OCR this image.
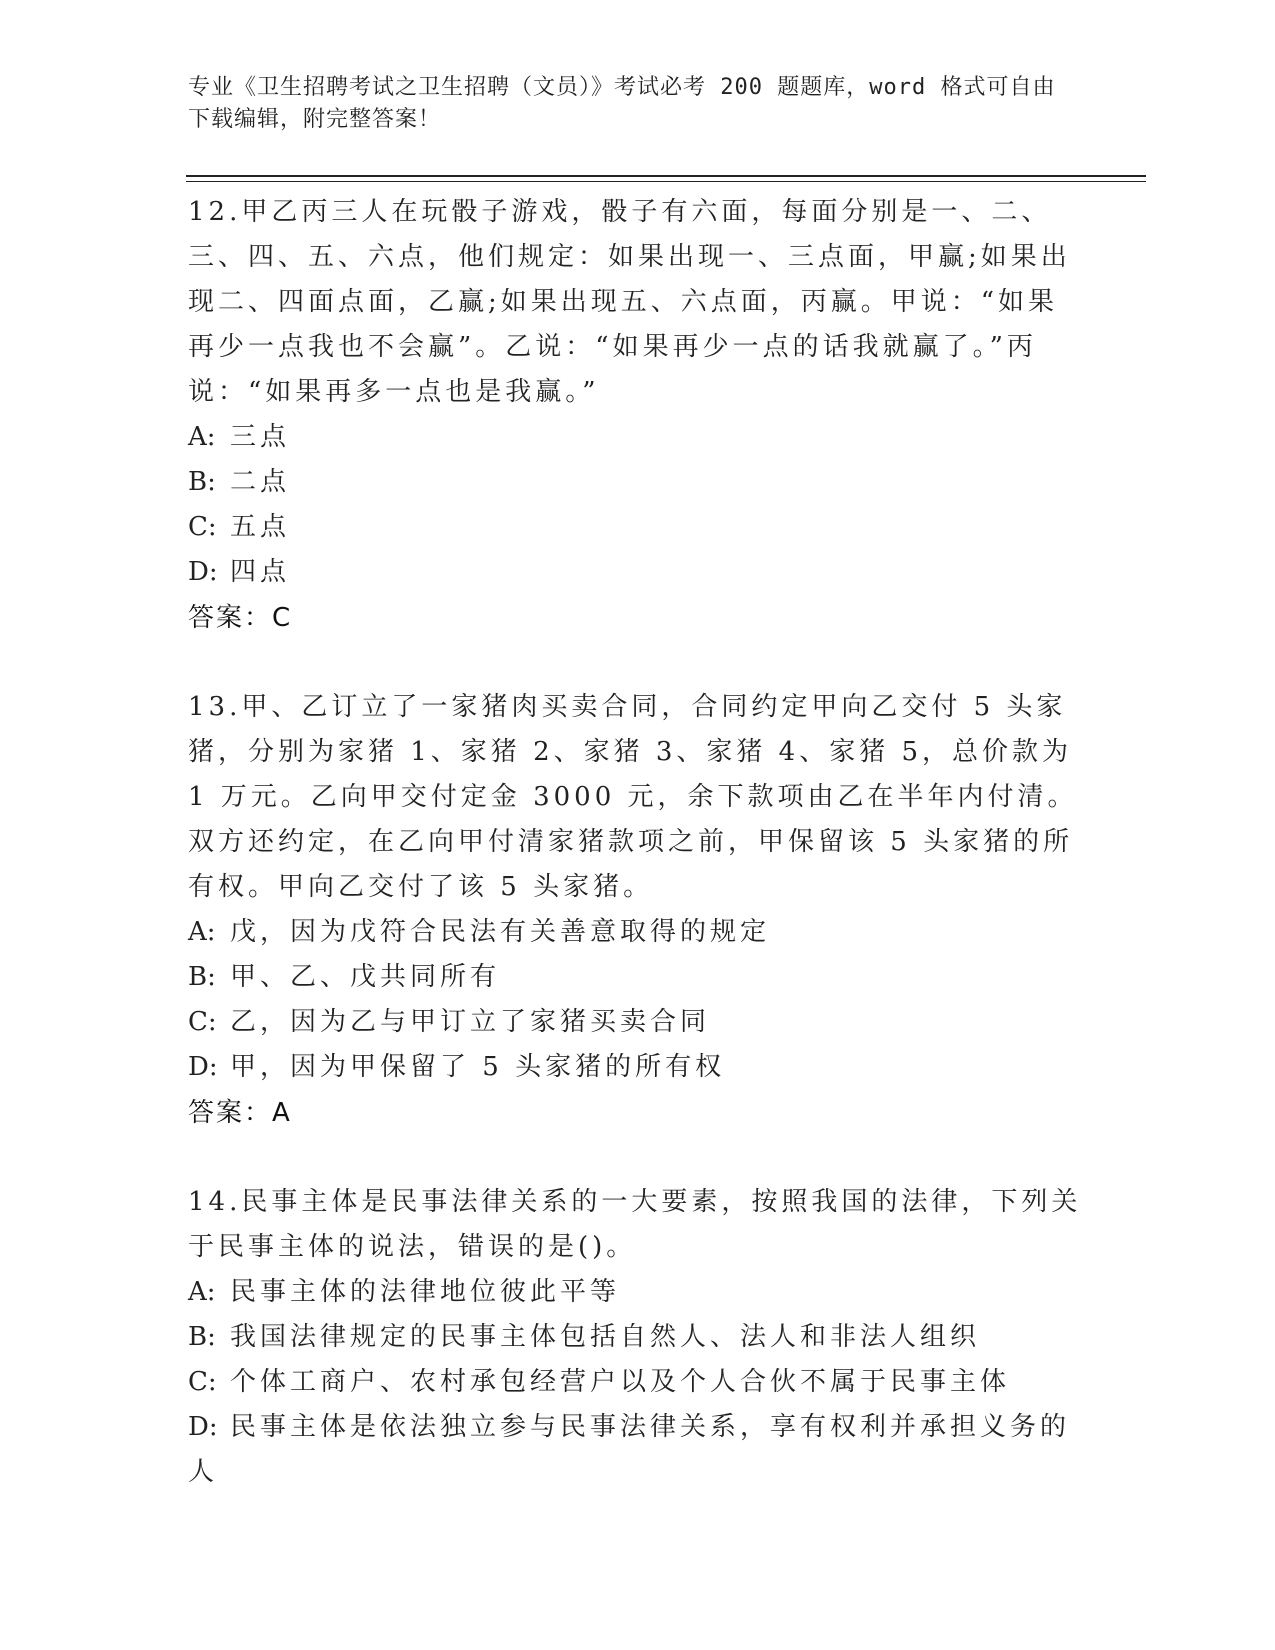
专业《卫生招聘考试之卫生招聘（文员）》考试必考 200 题题库，word 格式可自由下载编辑，附完整答案！

12.甲乙丙三人在玩骰子游戏，骰子有六面，每面分别是一、二、三、四、五、六点，他们规定：如果出现一、三点面，甲赢;如果出现二、四面点面，乙赢;如果出现五、六点面，丙赢。甲说：“如果再少一点我也不会赢”。乙说：“如果再少一点的话我就赢了。”丙说：“如果再多一点也是我赢。”

A: 三点

B: 二点

C: 五点

D: 四点

答案：C

13.甲、乙订立了一家猪肉买卖合同，合同约定甲向乙交付 5 头家猪，分别为家猪 1、家猪 2、家猪 3、家猪 4、家猪 5，总价款为 1 万元。乙向甲交付定金 3000 元，余下款项由乙在半年内付清。双方还约定，在乙向甲付清家猪款项之前，甲保留该 5 头家猪的所有权。甲向乙交付了该 5 头家猪。

A: 戊，因为戊符合民法有关善意取得的规定

B: 甲、乙、戊共同所有

C: 乙，因为乙与甲订立了家猪买卖合同

D: 甲，因为甲保留了 5 头家猪的所有权

答案：A

14.民事主体是民事法律关系的一大要素，按照我国的法律，下列关于民事主体的说法，错误的是()。

A: 民事主体的法律地位彼此平等

B: 我国法律规定的民事主体包括自然人、法人和非法人组织

C: 个体工商户、农村承包经营户以及个人合伙不属于民事主体

D: 民事主体是依法独立参与民事法律关系，享有权利并承担义务的人
